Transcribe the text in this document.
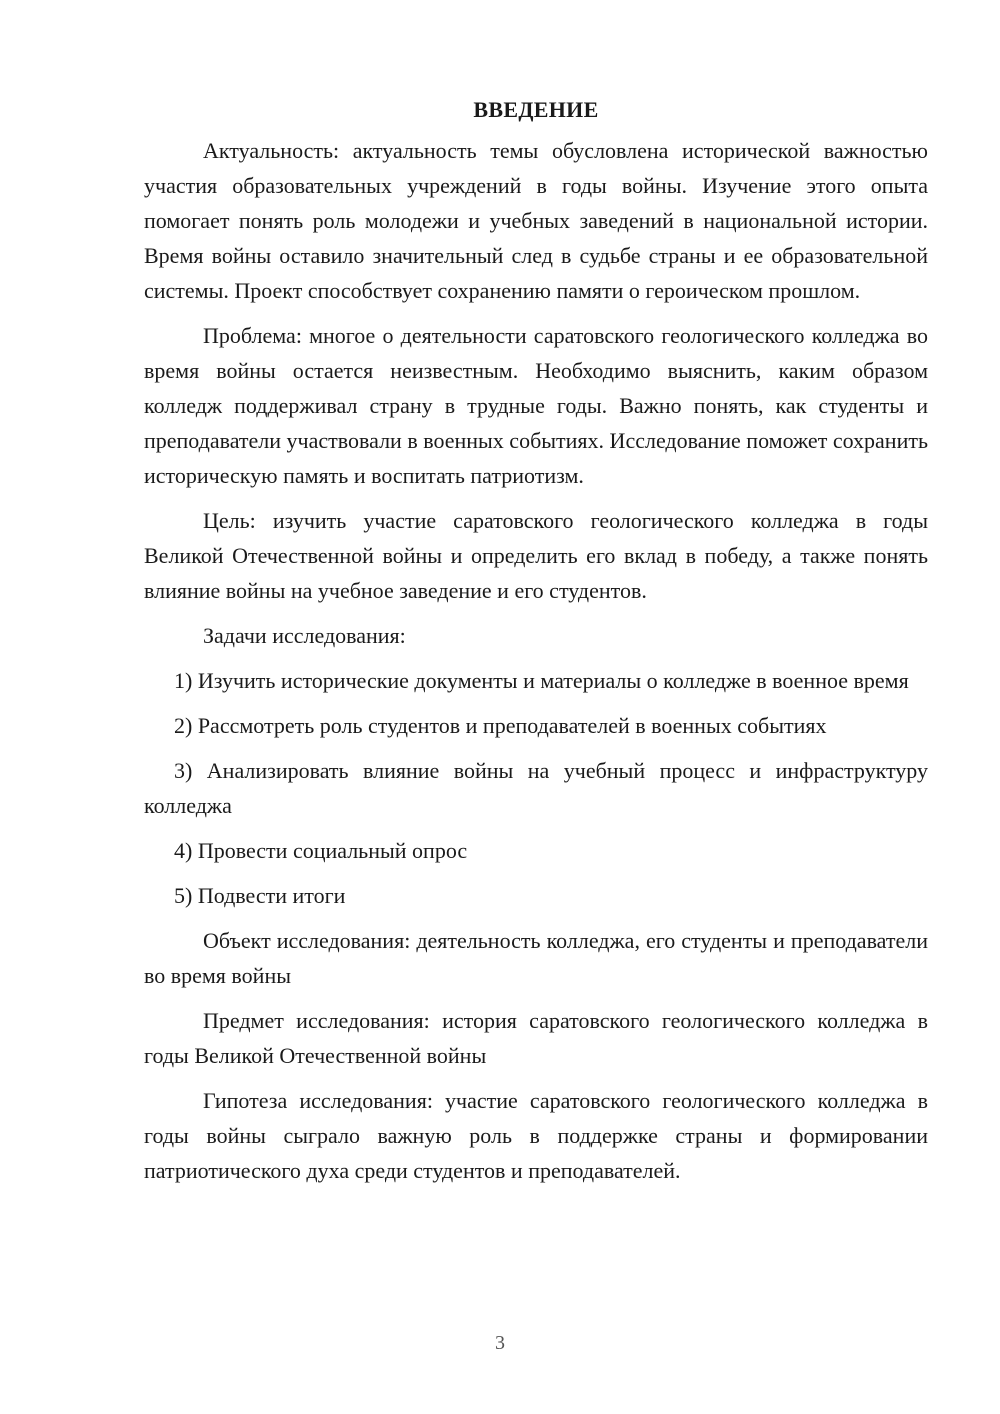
ВВЕДЕНИЕ

Актуальность: актуальность темы обусловлена исторической важностью участия образовательных учреждений в годы войны. Изучение этого опыта помогает понять роль молодежи и учебных заведений в национальной истории. Время войны оставило значительный след в судьбе страны и ее образовательной системы. Проект способствует сохранению памяти о героическом прошлом.

Проблема: многое о деятельности саратовского геологического колледжа во время войны остается неизвестным. Необходимо выяснить, каким образом колледж поддерживал страну в трудные годы. Важно понять, как студенты и преподаватели участвовали в военных событиях. Исследование поможет сохранить историческую память и воспитать патриотизм.

Цель: изучить участие саратовского геологического колледжа в годы Великой Отечественной войны и определить его вклад в победу, а также понять влияние войны на учебное заведение и его студентов.

Задачи исследования:

1) Изучить исторические документы и материалы о колледже в военное время

2) Рассмотреть роль студентов и преподавателей в военных событиях

3) Анализировать влияние войны на учебный процесс и инфраструктуру колледжа

4) Провести социальный опрос

5) Подвести итоги

Объект исследования: деятельность колледжа, его студенты и преподаватели во время войны

Предмет исследования: история саратовского геологического колледжа в годы Великой Отечественной войны

Гипотеза исследования: участие саратовского геологического колледжа в годы войны сыграло важную роль в поддержке страны и формировании патриотического духа среди студентов и преподавателей.

3
